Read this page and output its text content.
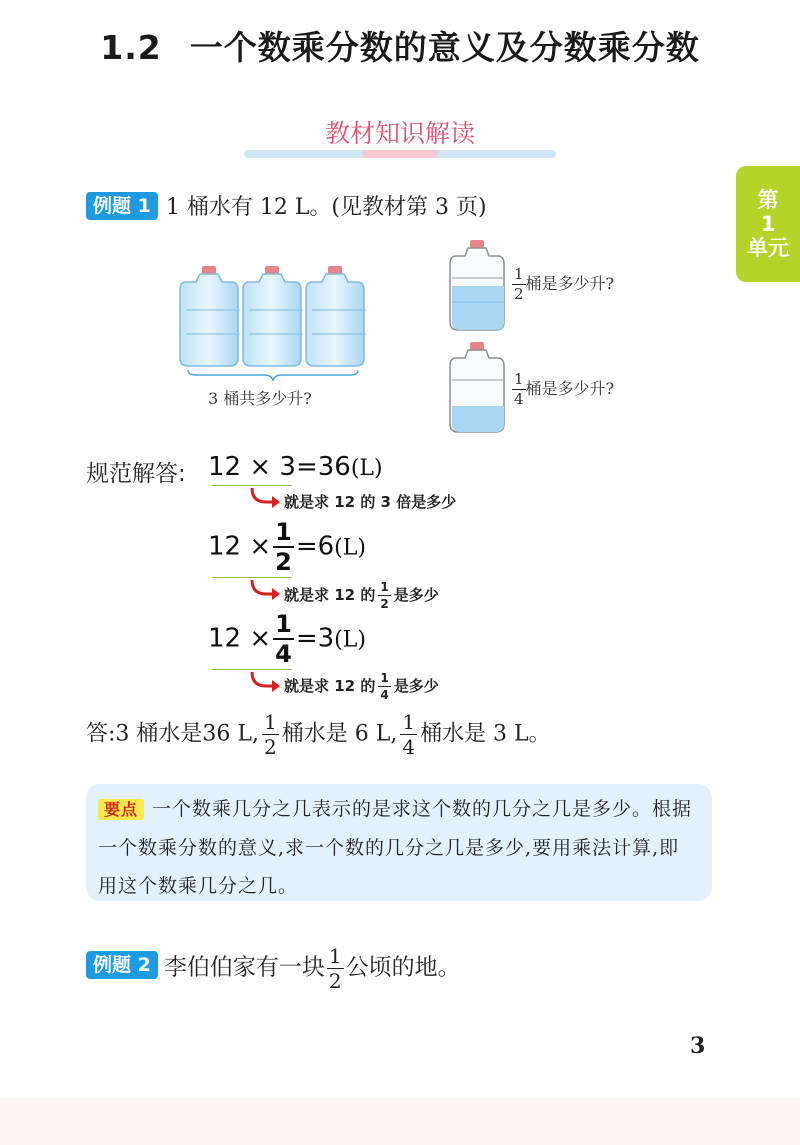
1.2 一个数乘分数的意义及分数乘分数
教材知识解读
第
1
单元
例题 1 1 桶水有 12 L。(见教材第 3 页)
3 桶共多少升?
$\frac{1}{2}$ 桶是多少升?
$\frac{1}{4}$ 桶是多少升?
规范解答: 12 × 3=36(L)
就是求 12 的 3 倍是多少
$12 \times \frac{1}{2} =6(L)$
就是求 12 的 $\frac{1}{2}$ 是多少
$12 \times \frac{1}{4} =3(L)$
就是求 12 的 $\frac{1}{4}$ 是多少
答:3 桶水是36 L, $\frac{1}{2}$ 桶水是 6 L, $\frac{1}{4}$ 桶水是 3 L。
要点 一个数乘几分之几表示的是求这个数的几分之几是多少。根据一个数乘分数的意义,求一个数的几分之几是多少,要用乘法计算,即用这个数乘几分之几。
例题 2 李伯伯家有一块 $\frac{1}{2}$ 公顷的地。
3
